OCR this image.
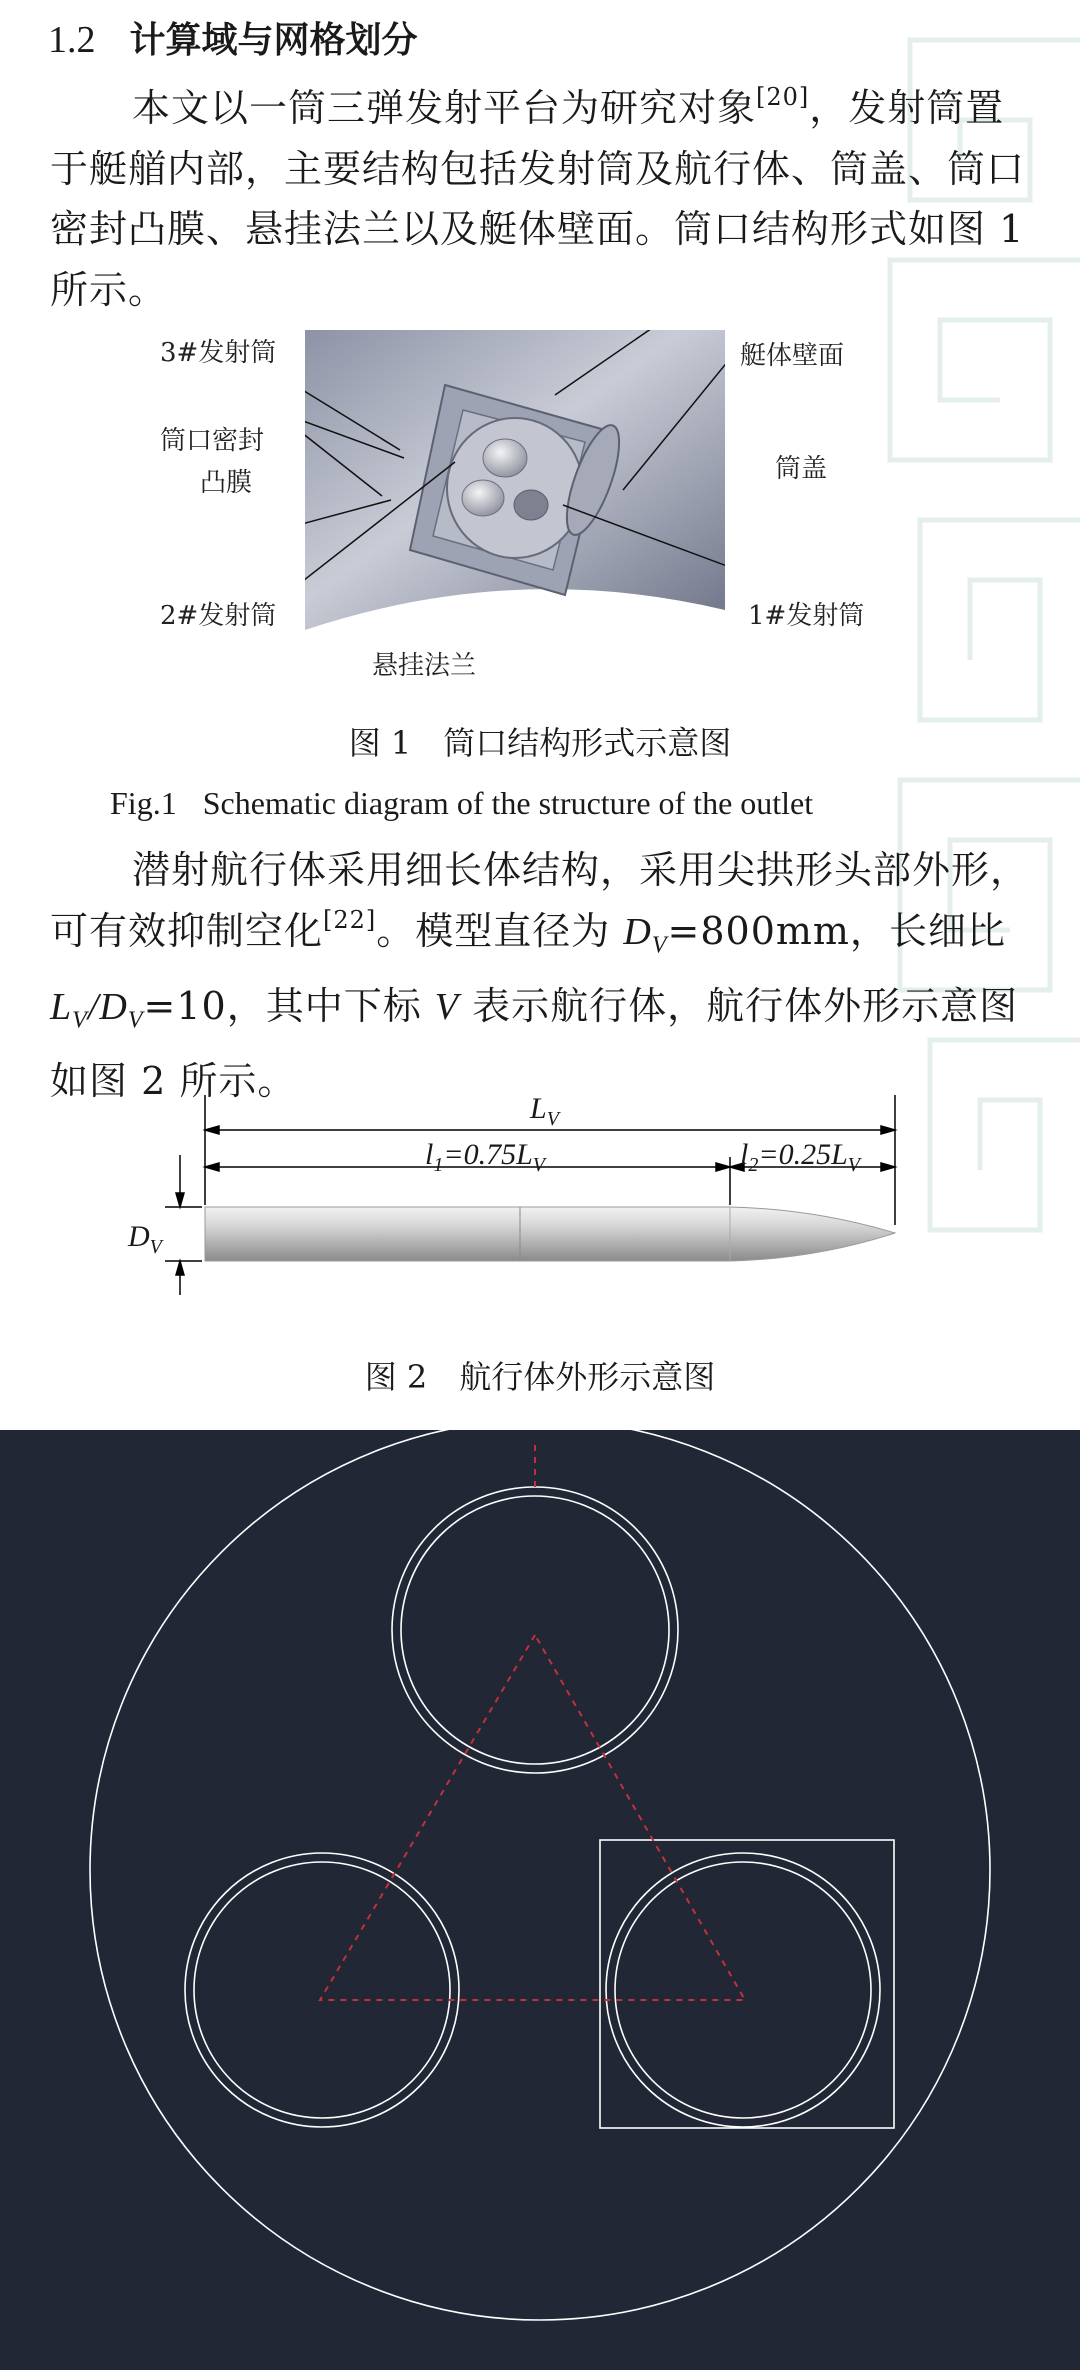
1.2 计算域与网格划分
本文以一筒三弹发射平台为研究对象[20]，发射筒置于艇艏内部，主要结构包括发射筒及航行体、筒盖、筒口密封凸膜、悬挂法兰以及艇体壁面。筒口结构形式如图 1 所示。
3#发射筒	艇体壁面
筒口密封
凸膜	筒盖
2#发射筒	1#发射筒
悬挂法兰
图 1 筒口结构形式示意图
Fig.1 Schematic diagram of the structure of the outlet
潜射航行体采用细长体结构，采用尖拱形头部外形，可有效抑制空化[22]。模型直径为 $D_V=800mm$，长细比 $L_V/D_V=10$，其中下标 V 表示航行体，航行体外形示意图如图 2 所示。
$L_V$
$l_1=0.75L_V$	$l_2=0.25L_V$
$D_V$
图 2 航行体外形示意图
